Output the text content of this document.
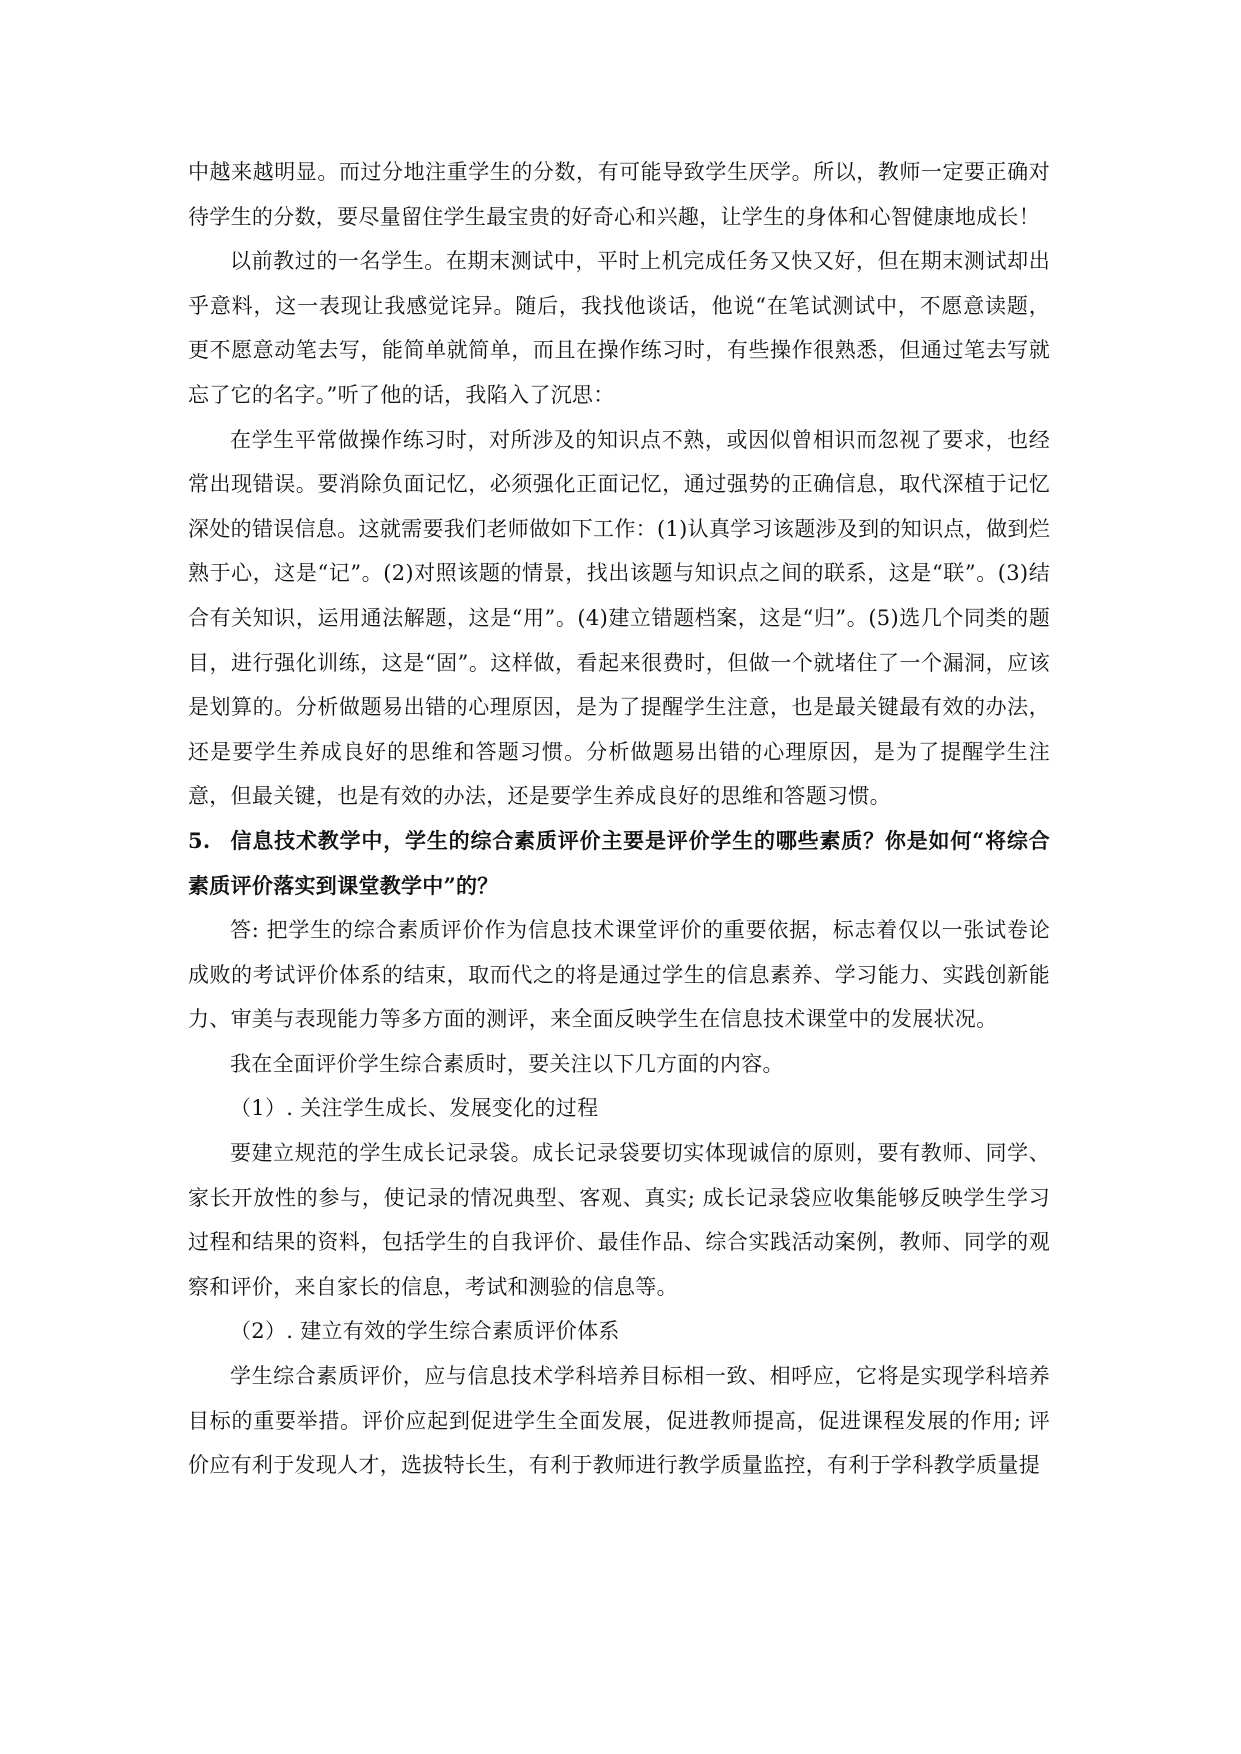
中越来越明显。而过分地注重学生的分数，有可能导致学生厌学。所以，教师一定要正确对待学生的分数，要尽量留住学生最宝贵的好奇心和兴趣，让学生的身体和心智健康地成长！

以前教过的一名学生。在期末测试中，平时上机完成任务又快又好，但在期末测试却出乎意料，这一表现让我感觉诧异。随后，我找他谈话，他说“在笔试测试中，不愿意读题，更不愿意动笔去写，能简单就简单，而且在操作练习时，有些操作很熟悉，但通过笔去写就忘了它的名字。”听了他的话，我陷入了沉思：

在学生平常做操作练习时，对所涉及的知识点不熟，或因似曾相识而忽视了要求，也经常出现错误。要消除负面记忆，必须强化正面记忆，通过强势的正确信息，取代深植于记忆深处的错误信息。这就需要我们老师做如下工作：(1)认真学习该题涉及到的知识点，做到烂熟于心，这是“记”。(2)对照该题的情景，找出该题与知识点之间的联系，这是“联”。(3)结合有关知识，运用通法解题，这是“用”。(4)建立错题档案，这是“归”。(5)选几个同类的题目，进行强化训练，这是“固”。这样做，看起来很费时，但做一个就堵住了一个漏洞，应该是划算的。分析做题易出错的心理原因，是为了提醒学生注意，也是最关键最有效的办法，还是要学生养成良好的思维和答题习惯。分析做题易出错的心理原因，是为了提醒学生注意，但最关键，也是有效的办法，还是要学生养成良好的思维和答题习惯。

5. 信息技术教学中，学生的综合素质评价主要是评价学生的哪些素质？你是如何“将综合素质评价落实到课堂教学中”的？

答: 把学生的综合素质评价作为信息技术课堂评价的重要依据，标志着仅以一张试卷论成败的考试评价体系的结束，取而代之的将是通过学生的信息素养、学习能力、实践创新能力、审美与表现能力等多方面的测评，来全面反映学生在信息技术课堂中的发展状况。

我在全面评价学生综合素质时，要关注以下几方面的内容。

（1）. 关注学生成长、发展变化的过程

要建立规范的学生成长记录袋。成长记录袋要切实体现诚信的原则，要有教师、同学、家长开放性的参与，使记录的情况典型、客观、真实; 成长记录袋应收集能够反映学生学习过程和结果的资料，包括学生的自我评价、最佳作品、综合实践活动案例，教师、同学的观察和评价，来自家长的信息，考试和测验的信息等。

（2）. 建立有效的学生综合素质评价体系

学生综合素质评价，应与信息技术学科培养目标相一致、相呼应，它将是实现学科培养目标的重要举措。评价应起到促进学生全面发展，促进教师提高，促进课程发展的作用; 评价应有利于发现人才，选拔特长生，有利于教师进行教学质量监控，有利于学科教学质量提
